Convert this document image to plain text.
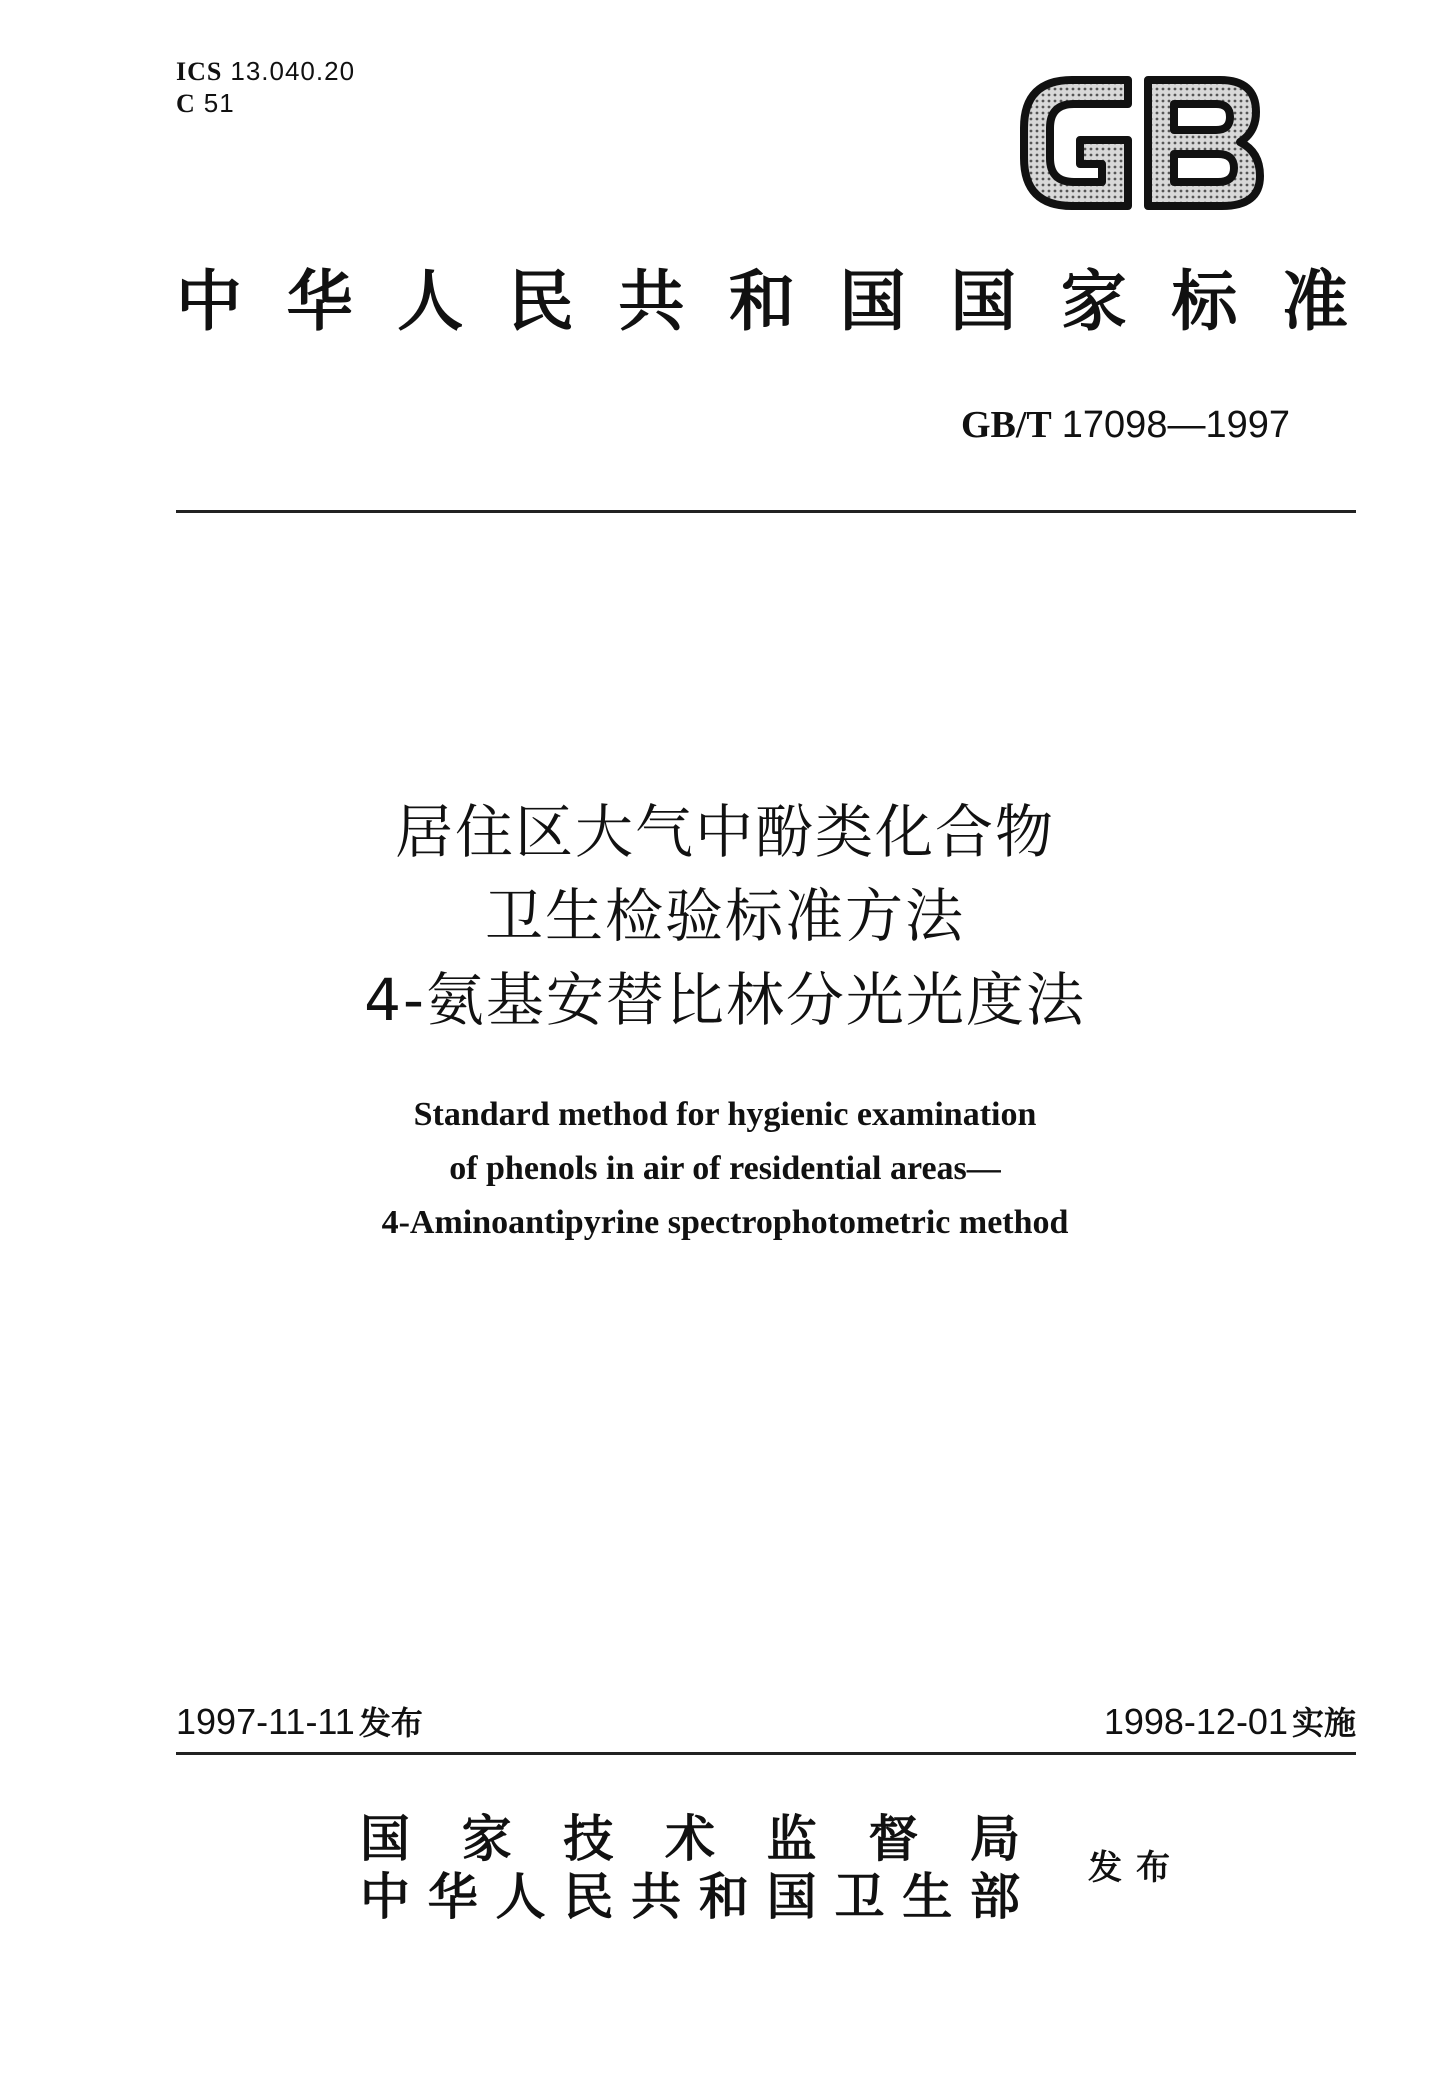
ICS 13.040.20
C 51
中华人民共和国国家标准
GB/T 17098—1997
居住区大气中酚类化合物
卫生检验标准方法
4-氨基安替比林分光光度法
Standard method for hygienic examination
of phenols in air of residential areas—
4-Aminoantipyrine spectrophotometric method
1997-11-11 发布	1998-12-01 实施
国家技术监督局
中华人民共和国卫生部 发布
